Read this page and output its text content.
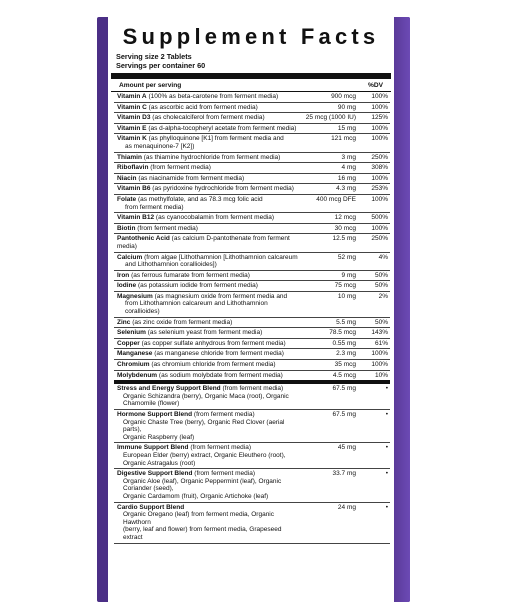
Supplement Facts
Serving size 2 Tablets
Servings per container 60
Amount per serving	%DV
Vitamin A (100% as beta-carotene from ferment media)	900 mcg	100%
Vitamin C (as ascorbic acid from ferment media)	90 mg	100%
Vitamin D3 (as cholecalciferol from ferment media)	25 mcg (1000 IU)	125%
Vitamin E (as d-alpha-tocopheryl acetate from ferment media)	15 mg	100%
Vitamin K (as phylloquinone [K1] from ferment media and
as menaquinone-7 [K2])	121 mcg	100%
Thiamin (as thiamine hydrochloride from ferment media)	3 mg	250%
Riboflavin (from ferment media)	4 mg	308%
Niacin (as niacinamide from ferment media)	16 mg	100%
Vitamin B6 (as pyridoxine hydrochloride from ferment media)	4.3 mg	253%
Folate (as methylfolate, and as 78.3 mcg folic acid
from ferment media)	400 mcg DFE	100%
Vitamin B12 (as cyanocobalamin from ferment media)	12 mcg	500%
Biotin (from ferment media)	30 mcg	100%
Pantothenic Acid (as calcium D-pantothenate from ferment media)	12.5 mg	250%
Calcium (from algae [Lithothamnion [Lithothamnion calcareum
and Lithothamnion corallioides])	52 mg	4%
Iron (as ferrous fumarate from ferment media)	9 mg	50%
Iodine (as potassium iodide from ferment media)	75 mcg	50%
Magnesium (as magnesium oxide from ferment media and
from Lithothamnion calcareum and Lithothamnion corallioides)	10 mg	2%
Zinc (as zinc oxide from ferment media)	5.5 mg	50%
Selenium (as selenium yeast from ferment media)	78.5 mcg	143%
Copper (as copper sulfate anhydrous from ferment media)	0.55 mg	61%
Manganese (as manganese chloride from ferment media)	2.3 mg	100%
Chromium (as chromium chloride from ferment media)	35 mcg	100%
Molybdenum (as sodium molybdate from ferment media)	4.5 mcg	10%
Stress and Energy Support Blend (from ferment media)
Organic Schizandra (berry), Organic Maca (root), Organic Chamomile (flower)	67.5 mg	•
Hormone Support Blend (from ferment media)
Organic Chaste Tree (berry), Organic Red Clover (aerial parts),
Organic Raspberry (leaf)	67.5 mg	•
Immune Support Blend (from ferment media)
European Elder (berry) extract, Organic Eleuthero (root),
Organic Astragalus (root)	45 mg	•
Digestive Support Blend (from ferment media)
Organic Aloe (leaf), Organic Peppermint (leaf), Organic Coriander (seed),
Organic Cardamom (fruit), Organic Artichoke (leaf)	33.7 mg	•
Cardio Support Blend
Organic Oregano (leaf) from ferment media, Organic Hawthorn
(berry, leaf and flower) from ferment media, Grapeseed extract	24 mg	•
